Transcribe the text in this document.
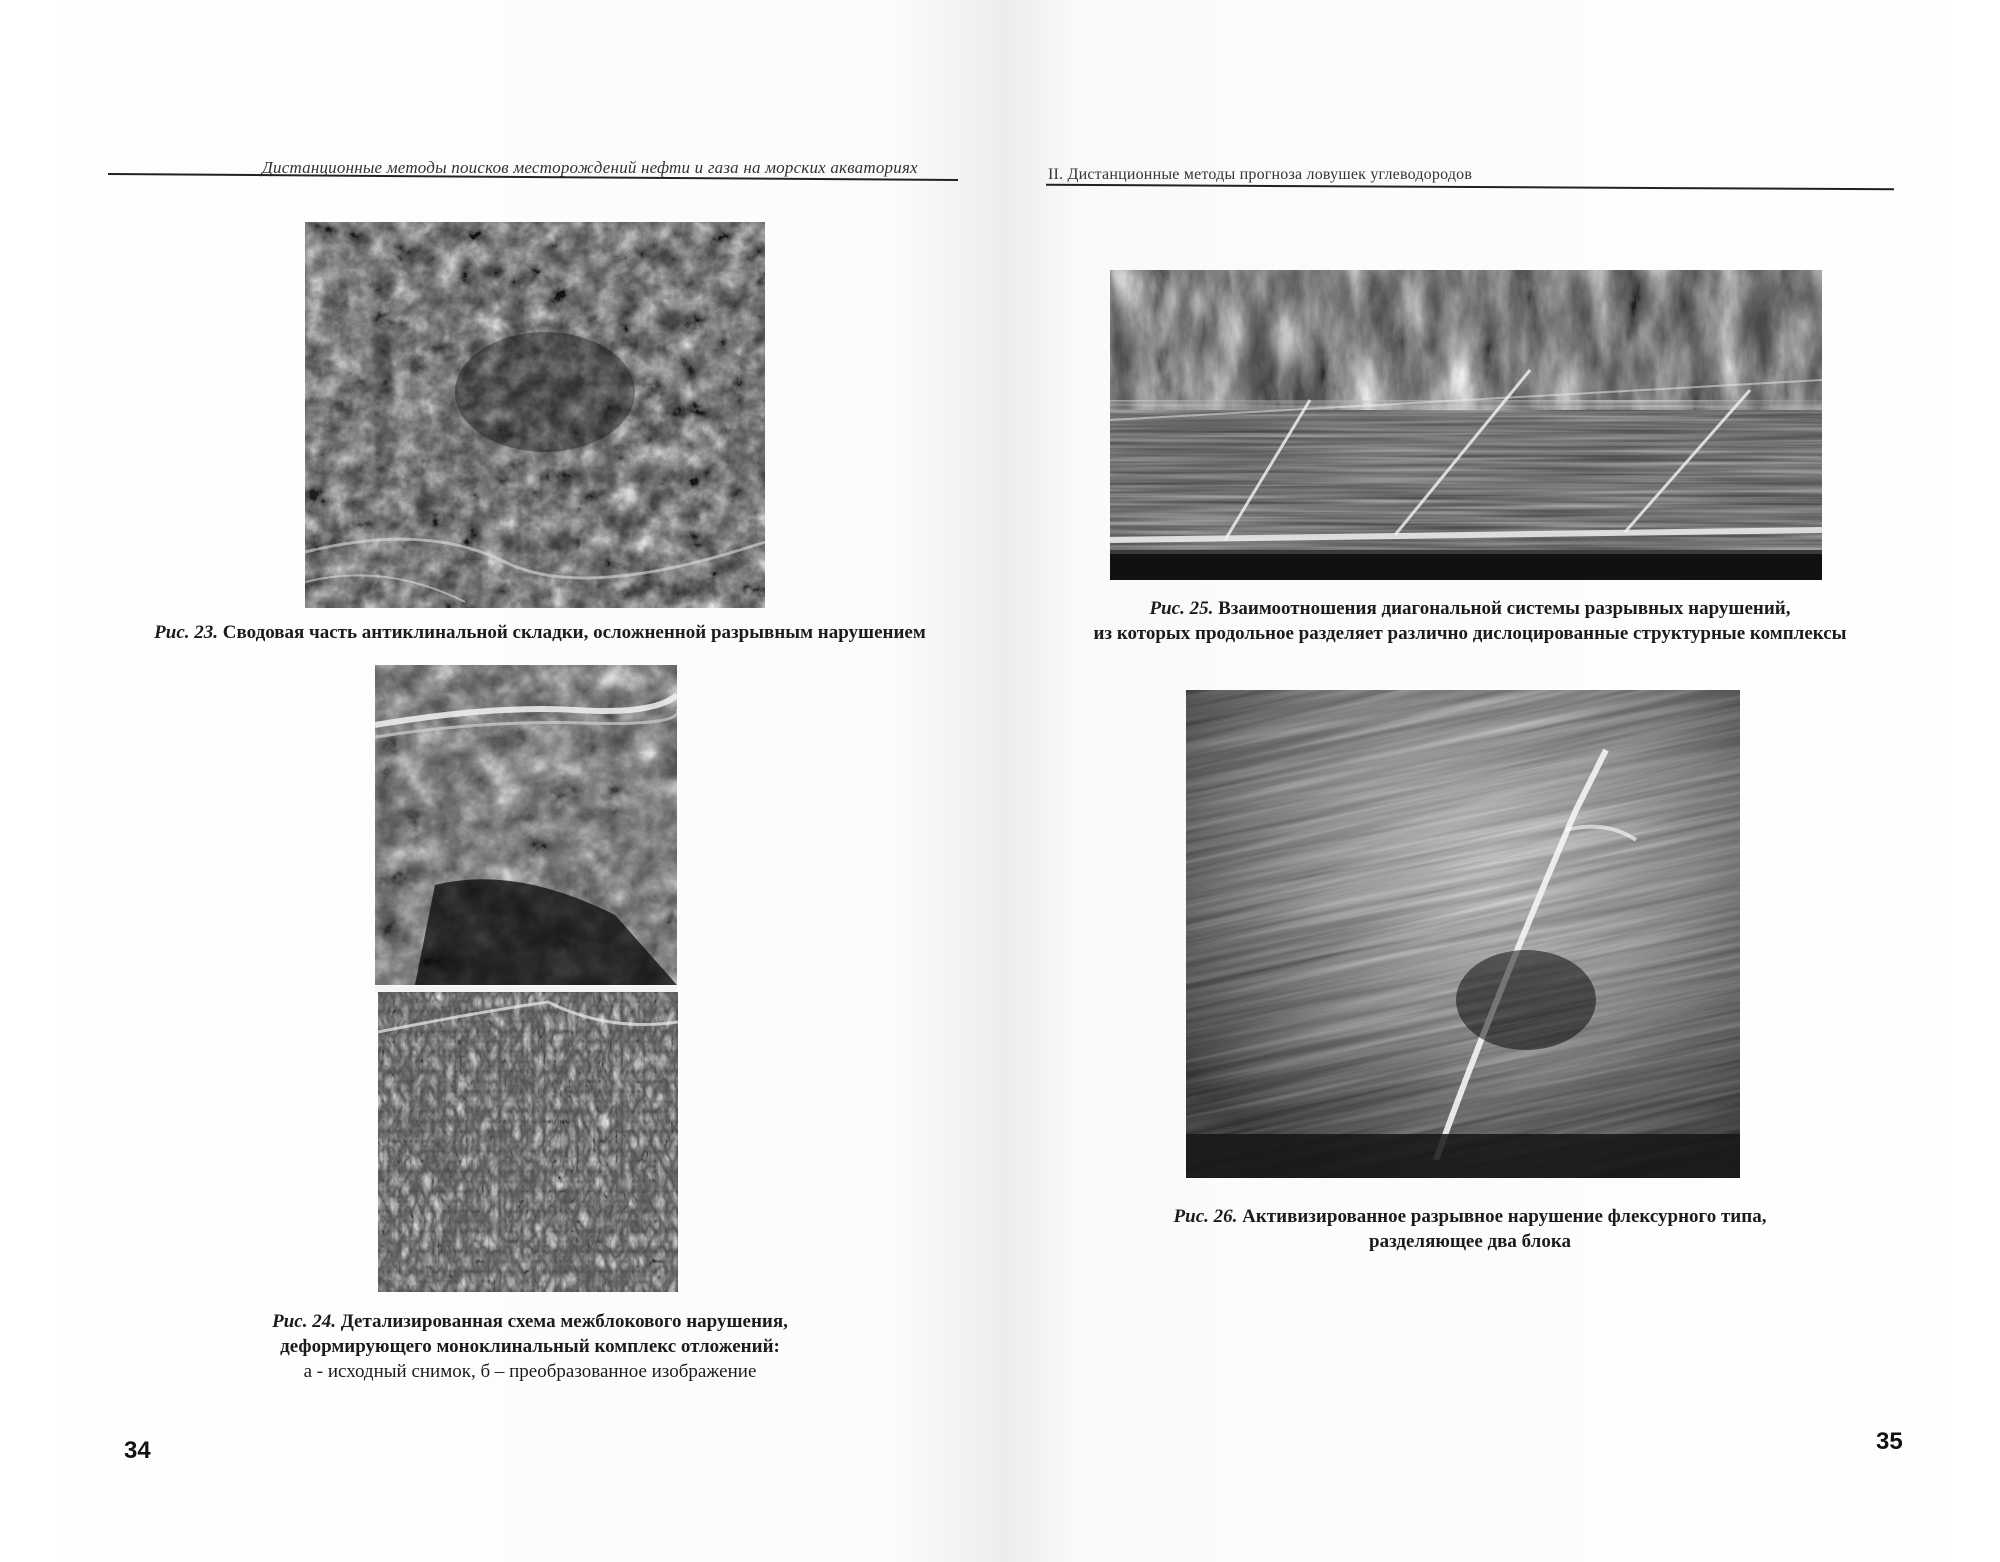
Дистанционные методы поисков месторождений нефти и газа на морских акваториях
Рис. 23. Сводовая часть антиклинальной складки, осложненной разрывным нарушением
Рис. 24. Детализированная схема межблокового нарушения,
деформирующего моноклинальный комплекс отложений:
а - исходный снимок, б – преобразованное изображение
34
II. Дистанционные методы прогноза ловушек углеводородов
Рис. 25. Взаимоотношения диагональной системы разрывных нарушений,
из которых продольное разделяет различно дислоцированные структурные комплексы
Рис. 26. Активизированное разрывное нарушение флексурного типа,
разделяющее два блока
35
